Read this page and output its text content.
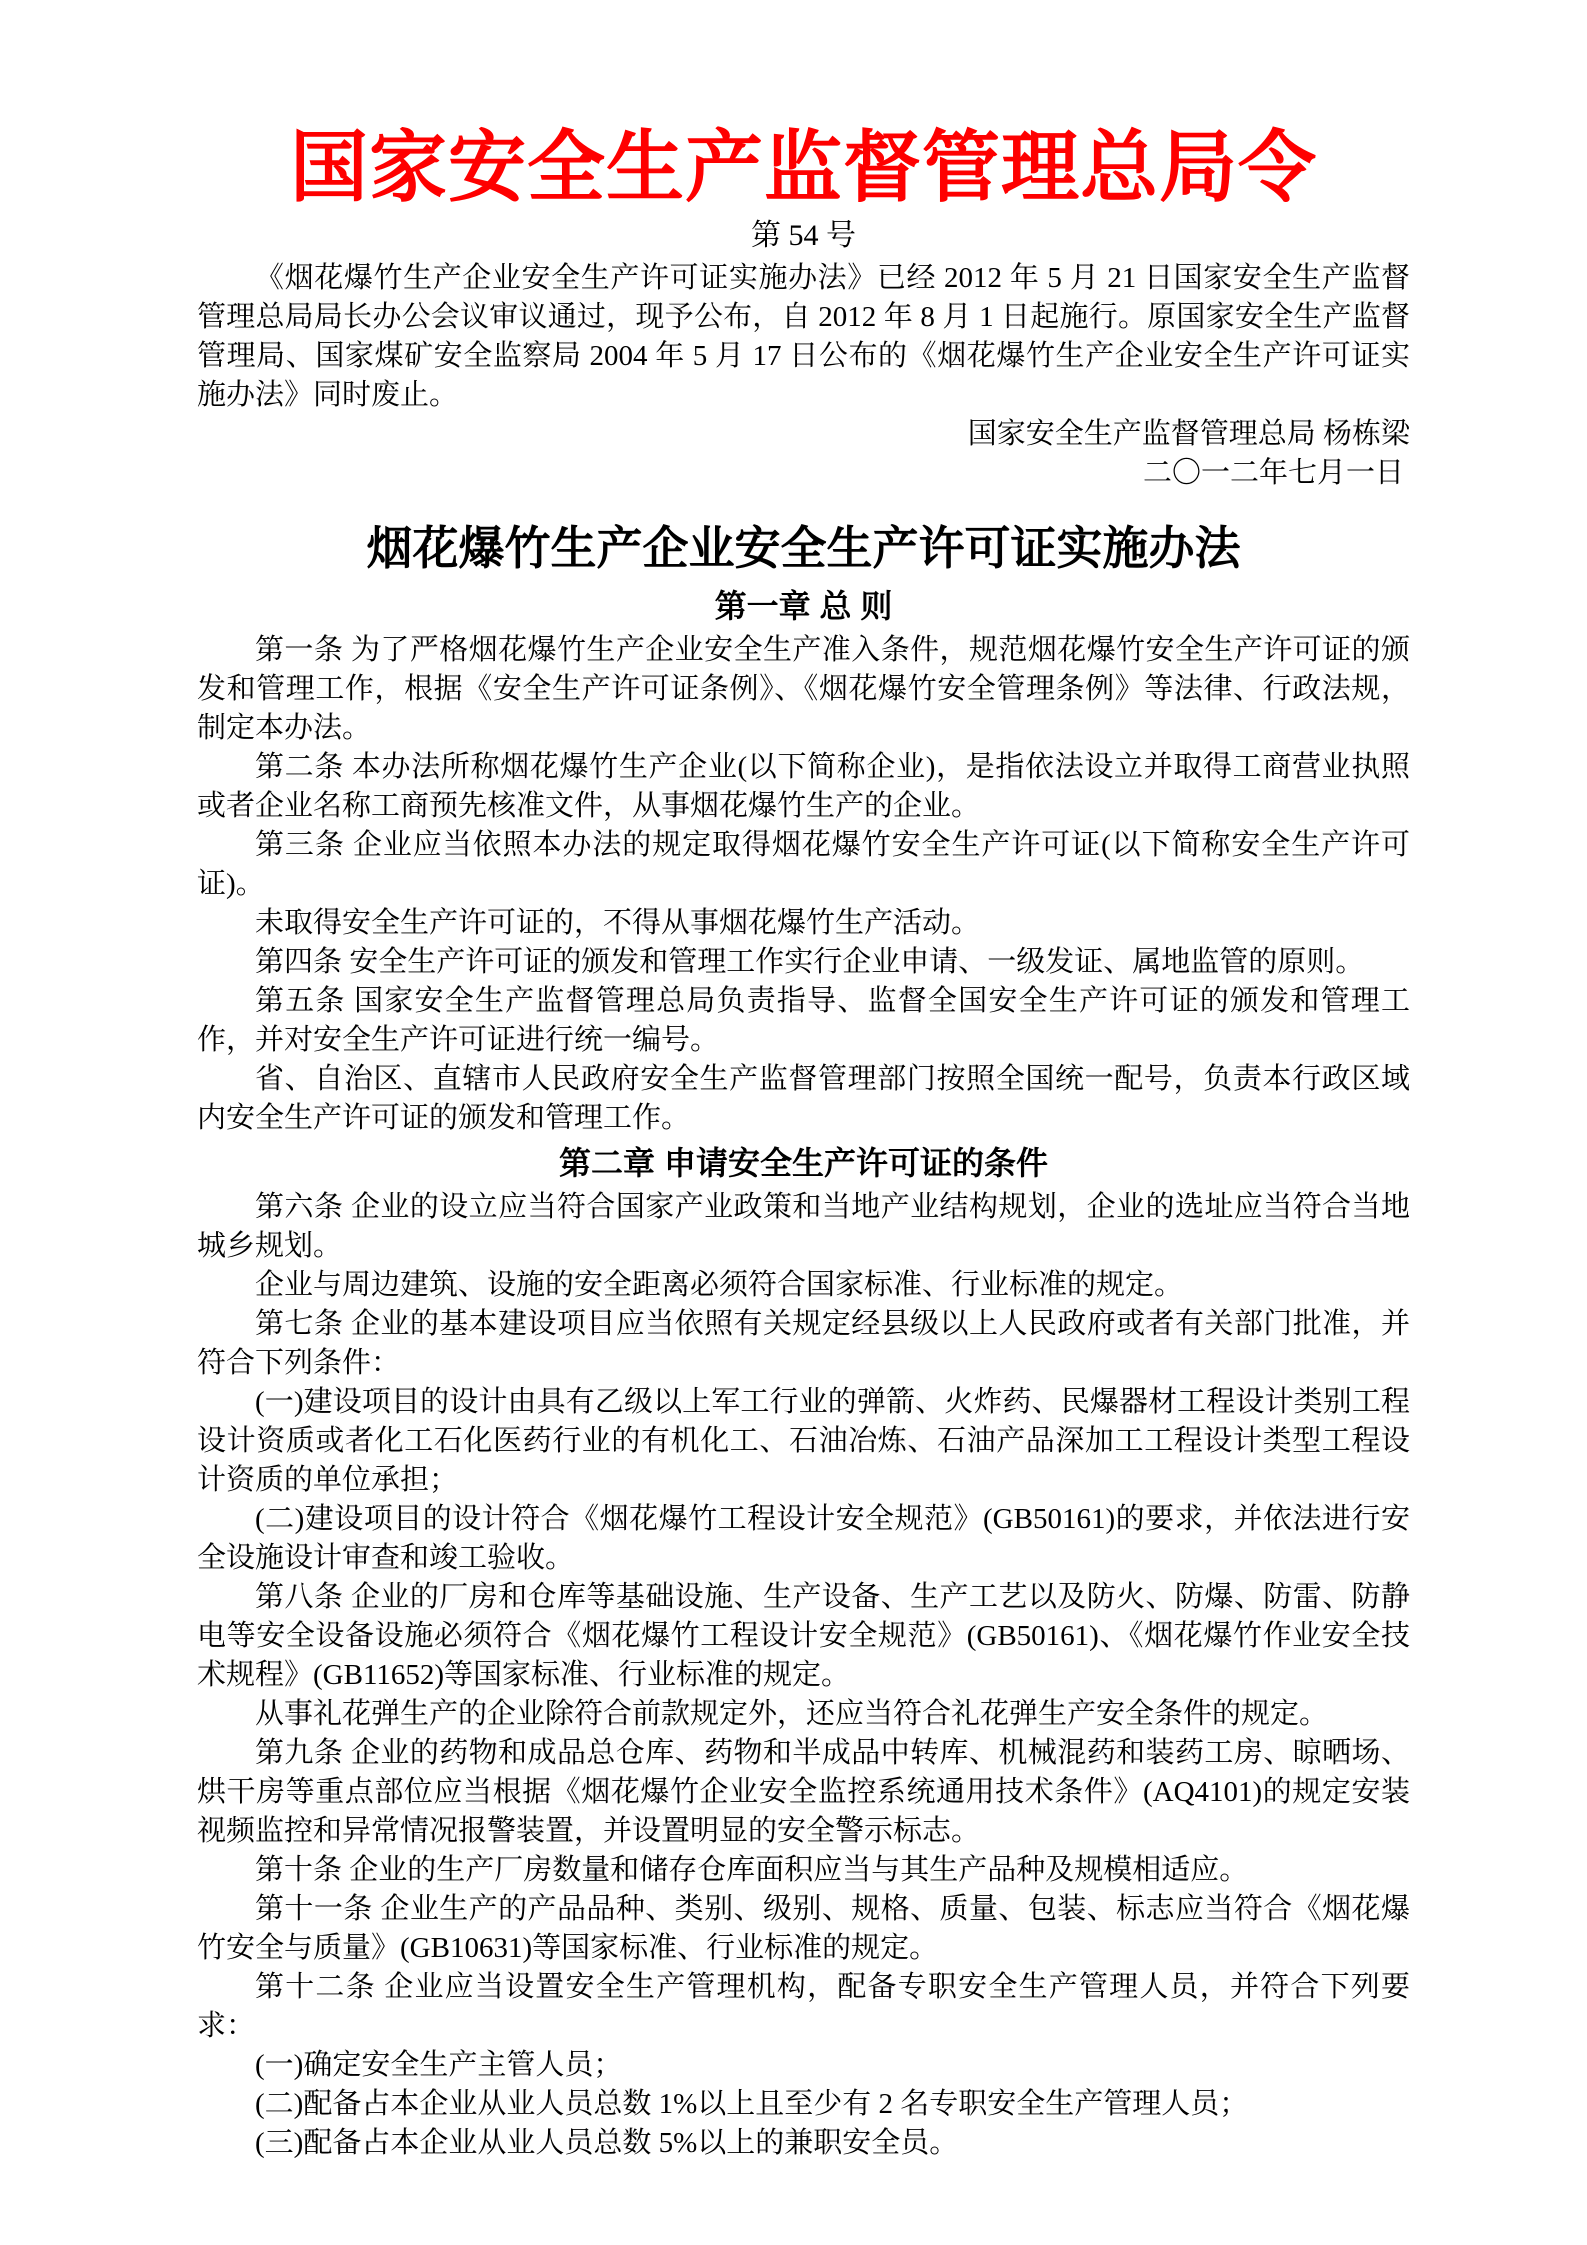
国家安全生产监督管理总局令
第 54 号

《烟花爆竹生产企业安全生产许可证实施办法》已经 2012 年 5 月 21 日国家安全生产监督管理总局局长办公会议审议通过，现予公布，自 2012 年 8 月 1 日起施行。原国家安全生产监督管理局、国家煤矿安全监察局 2004 年 5 月 17 日公布的《烟花爆竹生产企业安全生产许可证实施办法》同时废止。

国家安全生产监督管理总局 杨栋梁
二〇一二年七月一日
烟花爆竹生产企业安全生产许可证实施办法
第一章 总 则

第一条 为了严格烟花爆竹生产企业安全生产准入条件，规范烟花爆竹安全生产许可证的颁发和管理工作，根据《安全生产许可证条例》、《烟花爆竹安全管理条例》等法律、行政法规，制定本办法。

第二条 本办法所称烟花爆竹生产企业(以下简称企业)，是指依法设立并取得工商营业执照或者企业名称工商预先核准文件，从事烟花爆竹生产的企业。

第三条 企业应当依照本办法的规定取得烟花爆竹安全生产许可证(以下简称安全生产许可证)。

未取得安全生产许可证的，不得从事烟花爆竹生产活动。

第四条 安全生产许可证的颁发和管理工作实行企业申请、一级发证、属地监管的原则。

第五条 国家安全生产监督管理总局负责指导、监督全国安全生产许可证的颁发和管理工作，并对安全生产许可证进行统一编号。

省、自治区、直辖市人民政府安全生产监督管理部门按照全国统一配号，负责本行政区域内安全生产许可证的颁发和管理工作。

第二章 申请安全生产许可证的条件

第六条 企业的设立应当符合国家产业政策和当地产业结构规划，企业的选址应当符合当地城乡规划。

企业与周边建筑、设施的安全距离必须符合国家标准、行业标准的规定。

第七条 企业的基本建设项目应当依照有关规定经县级以上人民政府或者有关部门批准，并符合下列条件：

(一)建设项目的设计由具有乙级以上军工行业的弹箭、火炸药、民爆器材工程设计类别工程设计资质或者化工石化医药行业的有机化工、石油冶炼、石油产品深加工工程设计类型工程设计资质的单位承担；

(二)建设项目的设计符合《烟花爆竹工程设计安全规范》(GB50161)的要求，并依法进行安全设施设计审查和竣工验收。

第八条 企业的厂房和仓库等基础设施、生产设备、生产工艺以及防火、防爆、防雷、防静电等安全设备设施必须符合《烟花爆竹工程设计安全规范》(GB50161)、《烟花爆竹作业安全技术规程》(GB11652)等国家标准、行业标准的规定。

从事礼花弹生产的企业除符合前款规定外，还应当符合礼花弹生产安全条件的规定。

第九条 企业的药物和成品总仓库、药物和半成品中转库、机械混药和装药工房、晾晒场、烘干房等重点部位应当根据《烟花爆竹企业安全监控系统通用技术条件》(AQ4101)的规定安装视频监控和异常情况报警装置，并设置明显的安全警示标志。

第十条 企业的生产厂房数量和储存仓库面积应当与其生产品种及规模相适应。

第十一条 企业生产的产品品种、类别、级别、规格、质量、包装、标志应当符合《烟花爆竹安全与质量》(GB10631)等国家标准、行业标准的规定。

第十二条 企业应当设置安全生产管理机构，配备专职安全生产管理人员，并符合下列要求：

(一)确定安全生产主管人员；

(二)配备占本企业从业人员总数 1%以上且至少有 2 名专职安全生产管理人员；

(三)配备占本企业从业人员总数 5%以上的兼职安全员。
